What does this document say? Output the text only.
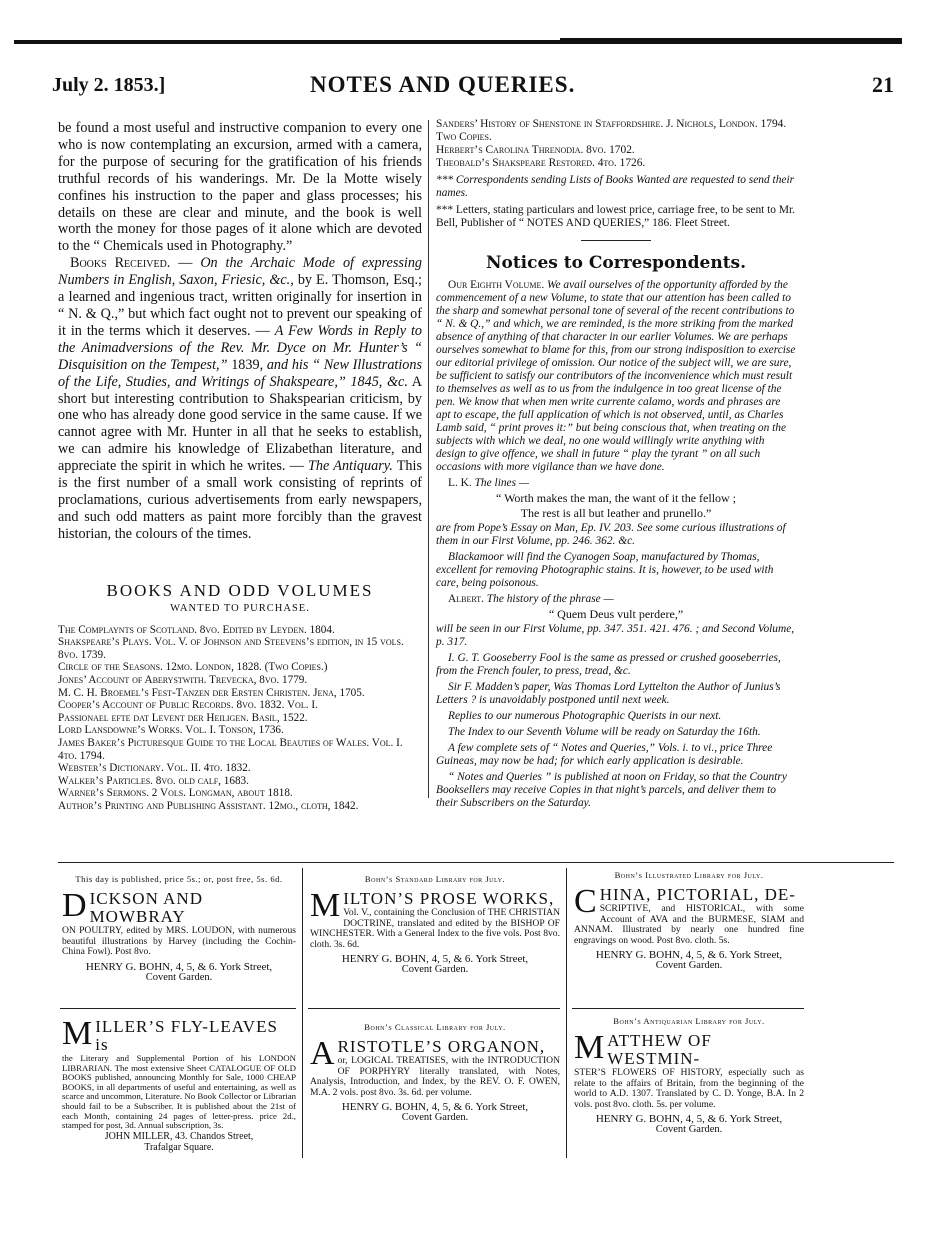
July 2. 1853.]	NOTES AND QUERIES.	21

be found a most useful and instructive companion to every one who is now contemplating an excursion, armed with a camera, for the purpose of securing for the gratification of his friends truthful records of his wanderings. Mr. De la Motte wisely confines his instruction to the paper and glass processes; his details on these are clear and minute, and the book is well worth the money for those pages of it alone which are devoted to the “ Chemicals used in Photography.”

Books Received. — On the Archaic Mode of expressing Numbers in English, Saxon, Friesic, &c., by E. Thomson, Esq.; a learned and ingenious tract, written originally for insertion in “ N. & Q.,” but which fact ought not to prevent our speaking of it in the terms which it deserves. — A Few Words in Reply to the Animadversions of the Rev. Mr. Dyce on Mr. Hunter’s “ Disquisition on the Tempest,” 1839, and his “ New Illustrations of the Life, Studies, and Writings of Shakspeare,” 1845, &c. A short but interesting contribution to Shakspearian criticism, by one who has already done good service in the same cause. If we cannot agree with Mr. Hunter in all that he seeks to establish, we can admire his knowledge of Elizabethan literature, and appreciate the spirit in which he writes. — The Antiquary. This is the first number of a small work consisting of reprints of proclamations, curious advertisements from early newspapers, and such odd matters as paint more forcibly than the gravest historian, the colours of the times.

BOOKS AND ODD VOLUMES
WANTED TO PURCHASE.

The Complaynts of Scotland. 8vo. Edited by Leyden. 1804.

Shakspeare’s Plays. Vol. V. of Johnson and Steevens’s edition, in 15 vols. 8vo. 1739.

Circle of the Seasons. 12mo. London, 1828. (Two Copies.)

Jones’ Account of Aberystwith. Trevecka, 8vo. 1779.

M. C. H. Broemel’s Fest-Tanzen der Ersten Christen. Jena, 1705.

Cooper’s Account of Public Records. 8vo. 1832. Vol. I.

Passionael efte dat Levent der Heiligen. Basil, 1522.

Lord Lansdowne’s Works. Vol. I. Tonson, 1736.

James Baker’s Picturesque Guide to the Local Beauties of Wales. Vol. I. 4to. 1794.

Webster’s Dictionary. Vol. II. 4to. 1832.

Walker’s Particles. 8vo. old calf, 1683.

Warner’s Sermons. 2 Vols. Longman, about 1818.

Author’s Printing and Publishing Assistant. 12mo., cloth, 1842.

Sanders’ History of Shenstone in Staffordshire. J. Nichols, London. 1794. Two Copies.

Herbert’s Carolina Threnodia. 8vo. 1702.

Theobald’s Shakspeare Restored. 4to. 1726.

*** Correspondents sending Lists of Books Wanted are requested to send their names.

*** Letters, stating particulars and lowest price, carriage free, to be sent to Mr. Bell, Publisher of “ NOTES AND QUERIES,” 186. Fleet Street.

Notices to Correspondents.

Our Eighth Volume. We avail ourselves of the opportunity afforded by the commencement of a new Volume, to state that our attention has been called to the sharp and somewhat personal tone of several of the recent contributions to “ N. & Q.,” and which, we are reminded, is the more striking from the marked absence of anything of that character in our earlier Volumes. We are perhaps ourselves somewhat to blame for this, from our strong indisposition to exercise our editorial privilege of omission. Our notice of the subject will, we are sure, be sufficient to satisfy our contributors of the inconvenience which must result to themselves as well as to us from the indulgence in too great license of the pen. We know that when men write currente calamo, words and phrases are apt to escape, the full application of which is not observed, until, as Charles Lamb said, “ print proves it:” but being conscious that, when treating on the subjects with which we deal, no one would willingly write anything with design to give offence, we shall in future “ play the tyrant ” on all such occasions with more vigilance than we have done.

L. K. The lines —

“ Worth makes the man, the want of it the fellow ;

The rest is all but leather and prunello.”

are from Pope’s Essay on Man, Ep. IV. 203. See some curious illustrations of them in our First Volume, pp. 246. 362. &c.

Blackamoor will find the Cyanogen Soap, manufactured by Thomas, excellent for removing Photographic stains. It is, however, to be used with care, being poisonous.

Albert. The history of the phrase —

“ Quem Deus vult perdere,”

will be seen in our First Volume, pp. 347. 351. 421. 476. ; and Second Volume, p. 317.

I. G. T. Gooseberry Fool is the same as pressed or crushed gooseberries, from the French fouler, to press, tread, &c.

Sir F. Madden’s paper, Was Thomas Lord Lyttelton the Author of Junius’s Letters ? is unavoidably postponed until next week.

Replies to our numerous Photographic Querists in our next.

The Index to our Seventh Volume will be ready on Saturday the 16th.

A few complete sets of “ Notes and Queries,” Vols. i. to vi., price Three Guineas, may now be had; for which early application is desirable.

“ Notes and Queries ” is published at noon on Friday, so that the Country Booksellers may receive Copies in that night’s parcels, and deliver them to their Subscribers on the Saturday.

This day is published, price 5s.; or, post free, 5s. 6d.
D ICKSON AND MOWBRAY

ON POULTRY, edited by MRS. LOUDON, with numerous beautiful illustrations by Harvey (including the Cochin-China Fowl). Post 8vo.

HENRY G. BOHN, 4, 5, & 6. York Street,
Covent Garden.
Bohn’s Standard Library for July.
M ILTON’S PROSE WORKS,

Vol. V., containing the Conclusion of THE CHRISTIAN DOCTRINE, translated and edited by the BISHOP OF WINCHESTER. With a General Index to the five vols. Post 8vo. cloth. 3s. 6d.

HENRY G. BOHN, 4, 5, & 6. York Street,
Covent Garden.
Bohn’s Illustrated Library for July.
C HINA, PICTORIAL, DE-

SCRIPTIVE, and HISTORICAL, with some Account of AVA and the BURMESE, SIAM and ANNAM. Illustrated by nearly one hundred fine engravings on wood. Post 8vo. cloth. 5s.

HENRY G. BOHN, 4, 5, & 6. York Street,
Covent Garden.
M ILLER’S FLY-LEAVES is

the Literary and Supplemental Portion of his LONDON LIBRARIAN. The most extensive Sheet CATALOGUE OF OLD BOOKS published, announcing Monthly for Sale, 1000 CHEAP BOOKS, in all departments of useful and entertaining, as well as scarce and uncommon, Literature. No Book Collector or Librarian should fail to be a Subscriber. It is published about the 21st of each Month, containing 24 pages of letter-press. price 2d., stamped for post, 3d. Annual subscription, 3s.

JOHN MILLER, 43. Chandos Street,
Trafalgar Square.
Bohn’s Classical Library for July.
A RISTOTLE’S ORGANON,

or, LOGICAL TREATISES, with the INTRODUCTION OF PORPHYRY literally translated, with Notes, Analysis, Introduction, and Index, by the REV. O. F. OWEN, M.A. 2 vols. post 8vo. 3s. 6d. per volume.

HENRY G. BOHN, 4, 5, & 6. York Street,
Covent Garden.
Bohn’s Antiquarian Library for July.
M ATTHEW OF WESTMIN-

STER’S FLOWERS OF HISTORY, especially such as relate to the affairs of Britain, from the beginning of the world to A.D. 1307. Translated by C. D. Yonge, B.A. In 2 vols. post 8vo. cloth. 5s. per volume.

HENRY G. BOHN, 4, 5, & 6. York Street,
Covent Garden.
